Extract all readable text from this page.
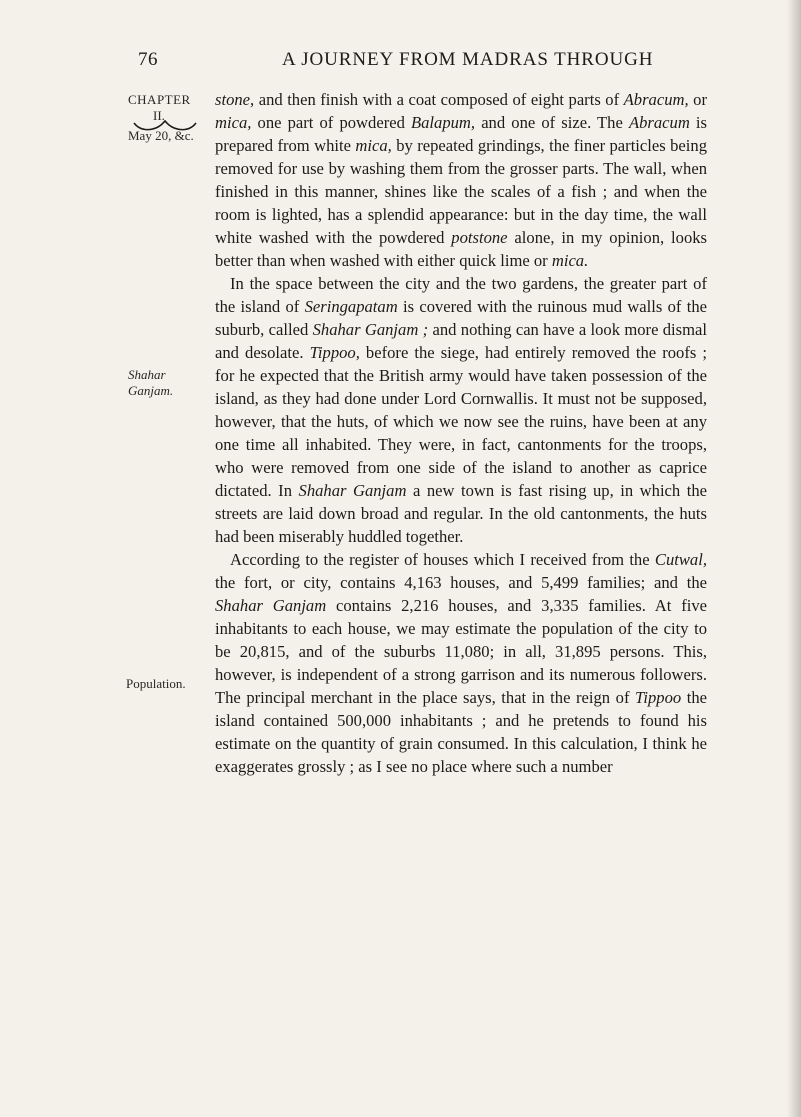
76	A JOURNEY FROM MADRAS THROUGH
CHAPTER
II.
May 20, &c.
Shahar Ganjam.
Population.

stone, and then finish with a coat composed of eight parts of Abracum, or mica, one part of powdered Balapum, and one of size. The Abracum is prepared from white mica, by repeated grindings, the finer particles being removed for use by washing them from the grosser parts. The wall, when finished in this manner, shines like the scales of a fish ; and when the room is lighted, has a splendid appearance: but in the day time, the wall white washed with the powdered potstone alone, in my opinion, looks better than when washed with either quick lime or mica.

In the space between the city and the two gardens, the greater part of the island of Seringapatam is covered with the ruinous mud walls of the suburb, called Shahar Ganjam ; and nothing can have a look more dismal and desolate. Tippoo, before the siege, had entirely removed the roofs ; for he expected that the British army would have taken possession of the island, as they had done under Lord Cornwallis. It must not be supposed, however, that the huts, of which we now see the ruins, have been at any one time all inhabited. They were, in fact, cantonments for the troops, who were removed from one side of the island to another as caprice dictated. In Shahar Ganjam a new town is fast rising up, in which the streets are laid down broad and regular. In the old cantonments, the huts had been miserably huddled together.

According to the register of houses which I received from the Cutwal, the fort, or city, contains 4,163 houses, and 5,499 families; and the Shahar Ganjam contains 2,216 houses, and 3,335 families. At five inhabitants to each house, we may estimate the population of the city to be 20,815, and of the suburbs 11,080; in all, 31,895 persons. This, however, is independent of a strong garrison and its numerous followers. The principal merchant in the place says, that in the reign of Tippoo the island contained 500,000 inhabitants ; and he pretends to found his estimate on the quantity of grain consumed. In this calculation, I think he exaggerates grossly ; as I see no place where such a number
